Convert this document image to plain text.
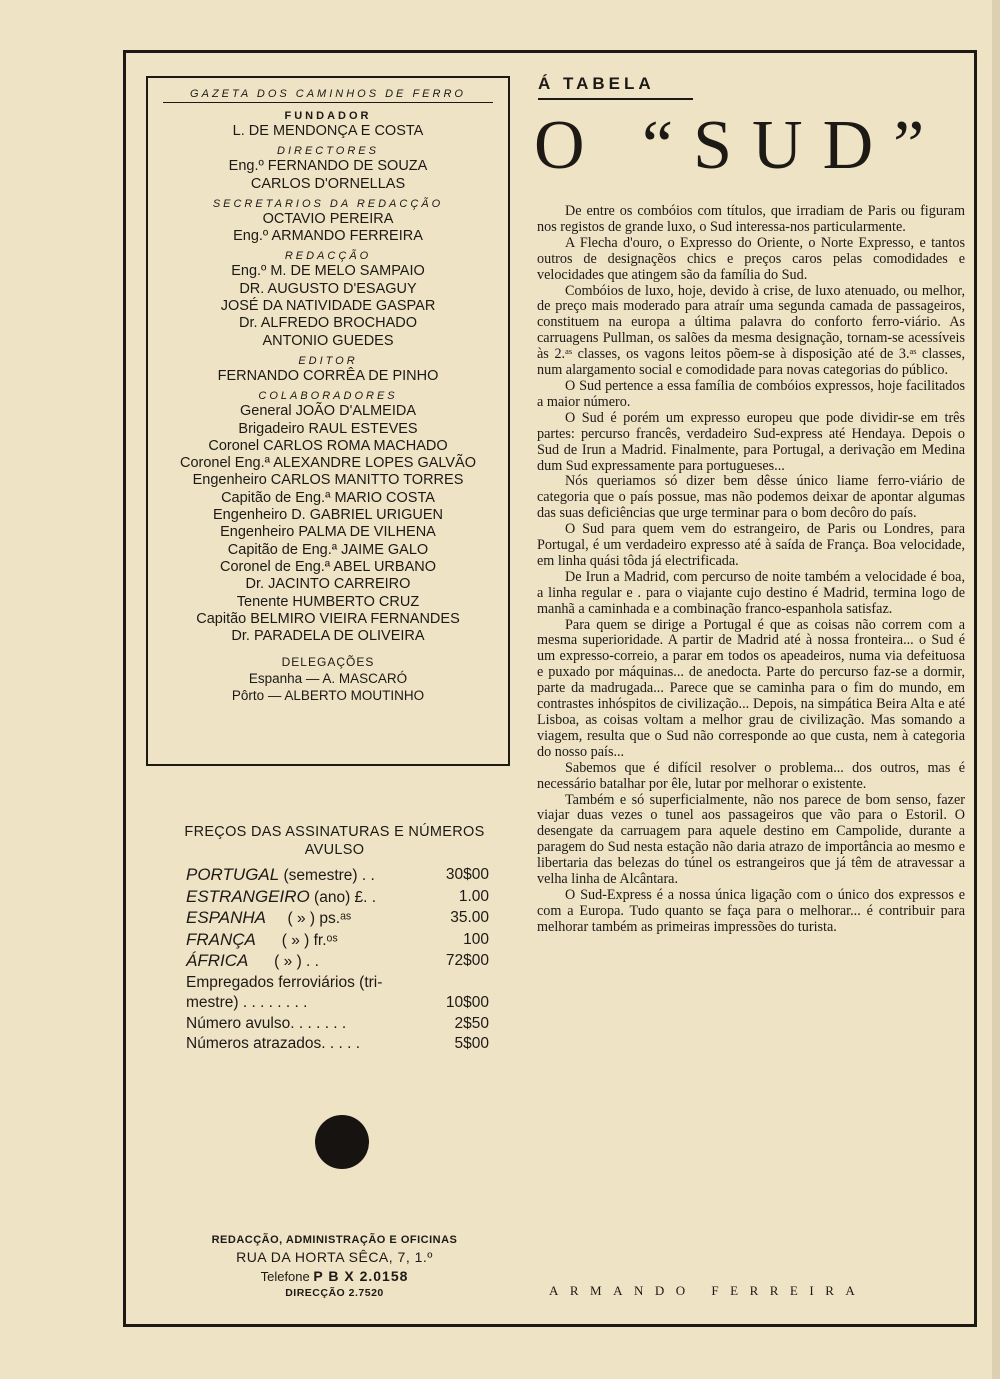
GAZETA DOS CAMINHOS DE FERRO
FUNDADOR
L. DE MENDONÇA E COSTA
DIRECTORES
Eng.º FERNANDO DE SOUZA
CARLOS D'ORNELLAS
SECRETARIOS DA REDACÇÃO
OCTAVIO PEREIRA
Eng.º ARMANDO FERREIRA
REDACÇÃO
Eng.º M. DE MELO SAMPAIO
DR. AUGUSTO D'ESAGUY
JOSÉ DA NATIVIDADE GASPAR
Dr. ALFREDO BROCHADO
ANTONIO GUEDES
EDITOR
FERNANDO CORRÊA DE PINHO
COLABORADORES
General JOÃO D'ALMEIDA
Brigadeiro RAUL ESTEVES
Coronel CARLOS ROMA MACHADO
Coronel Eng.ª ALEXANDRE LOPES GALVÃO
Engenheiro CARLOS MANITTO TORRES
Capitão de Eng.ª MARIO COSTA
Engenheiro D. GABRIEL URIGUEN
Engenheiro PALMA DE VILHENA
Capitão de Eng.ª JAIME GALO
Coronel de Eng.ª ABEL URBANO
Dr. JACINTO CARREIRO
Tenente HUMBERTO CRUZ
Capitão BELMIRO VIEIRA FERNANDES
Dr. PARADELA DE OLIVEIRA
DELEGAÇÕES
Espanha — A. MASCARÓ
Pôrto — ALBERTO MOUTINHO
FREÇOS DAS ASSINATURAS E NÚMEROS
AVULSO
PORTUGAL (semestre) . .	30$00
ESTRANGEIRO (ano) £. .	1.00
ESPANHA     ( » ) ps.ᵃˢ	35.00
FRANÇA      ( » ) fr.ᵒˢ	100
ÁFRICA      ( » ) . .	72$00
Empregados ferroviários (tri-
mestre) . . . . . . . .	10$00
Número avulso. . . . . . .	2$50
Números atrazados. . . . .	5$00
REDACÇÃO, ADMINISTRAÇÃO E OFICINAS
RUA DA HORTA SÊCA, 7, 1.º
Telefone P B X 2.0158
DIRECÇÃO 2.7520
Á TABELA
O “SUD”

De entre os combóios com títulos, que irradiam de Paris ou figuram nos registos de grande luxo, o Sud interessa-nos particularmente.

A Flecha d'ouro, o Expresso do Oriente, o Norte Expresso, e tantos outros de designaçẽos chics e preços caros pelas comodidades e velocidades que atingem são da família do Sud.

Combóios de luxo, hoje, devido à crise, de luxo atenuado, ou melhor, de preço mais moderado para atraír uma segunda camada de passageiros, constituem na europa a última palavra do conforto ferro-viário. As carruagens Pullman, os salões da mesma designação, tornam-se acessíveis às 2.ᵃˢ classes, os vagons leitos põem-se à disposição até de 3.ᵃˢ classes, num alargamento social e comodidade para novas categorias do público.

O Sud pertence a essa família de combóios expressos, hoje facilitados a maior número.

O Sud é porém um expresso europeu que pode dividir-se em três partes: percurso francês, verdadeiro Sud-express até Hendaya. Depois o Sud de Irun a Madrid. Finalmente, para Portugal, a derivação em Medina dum Sud expressamente para portugueses...

Nós queriamos só dizer bem dêsse único liame ferro-viário de categoria que o país possue, mas não podemos deixar de apontar algumas das suas deficiências que urge terminar para o bom decôro do país.

O Sud para quem vem do estrangeiro, de Paris ou Londres, para Portugal, é um verdadeiro expresso até à saída de França. Boa velocidade, em linha quási tôda já electrificada.

De Irun a Madrid, com percurso de noite também a velocidade é boa, a linha regular e . para o viajante cujo destino é Madrid, termina logo de manhã a caminhada e a combinação franco-espanhola satisfaz.

Para quem se dirige a Portugal é que as coisas não correm com a mesma superioridade. A partir de Madrid até à nossa fronteira... o Sud é um expresso-correio, a parar em todos os apeadeiros, numa via defeituosa e puxado por máquinas... de anedocta. Parte do percurso faz-se a dormir, parte da madrugada... Parece que se caminha para o fim do mundo, em contrastes inhóspitos de civilização... Depois, na simpática Beira Alta e até Lisboa, as coisas voltam a melhor grau de civilização. Mas somando a viagem, resulta que o Sud não corresponde ao que custa, nem à categoria do nosso país...

Sabemos que é difícil resolver o problema... dos outros, mas é necessário batalhar por êle, lutar por melhorar o existente.

Também e só superficialmente, não nos parece de bom senso, fazer viajar duas vezes o tunel aos passageiros que vão para o Estoril. O desengate da carruagem para aquele destino em Campolide, durante a paragem do Sud nesta estação não daria atrazo de importância ao mesmo e libertaria das belezas do túnel os estrangeiros que já têm de atravessar a velha linha de Alcântara.

O Sud-Express é a nossa única ligação com o único dos expressos e com a Europa. Tudo quanto se faça para o melhorar... é contribuir para melhorar também as primeiras impressões do turista.

ARMANDO FERREIRA
